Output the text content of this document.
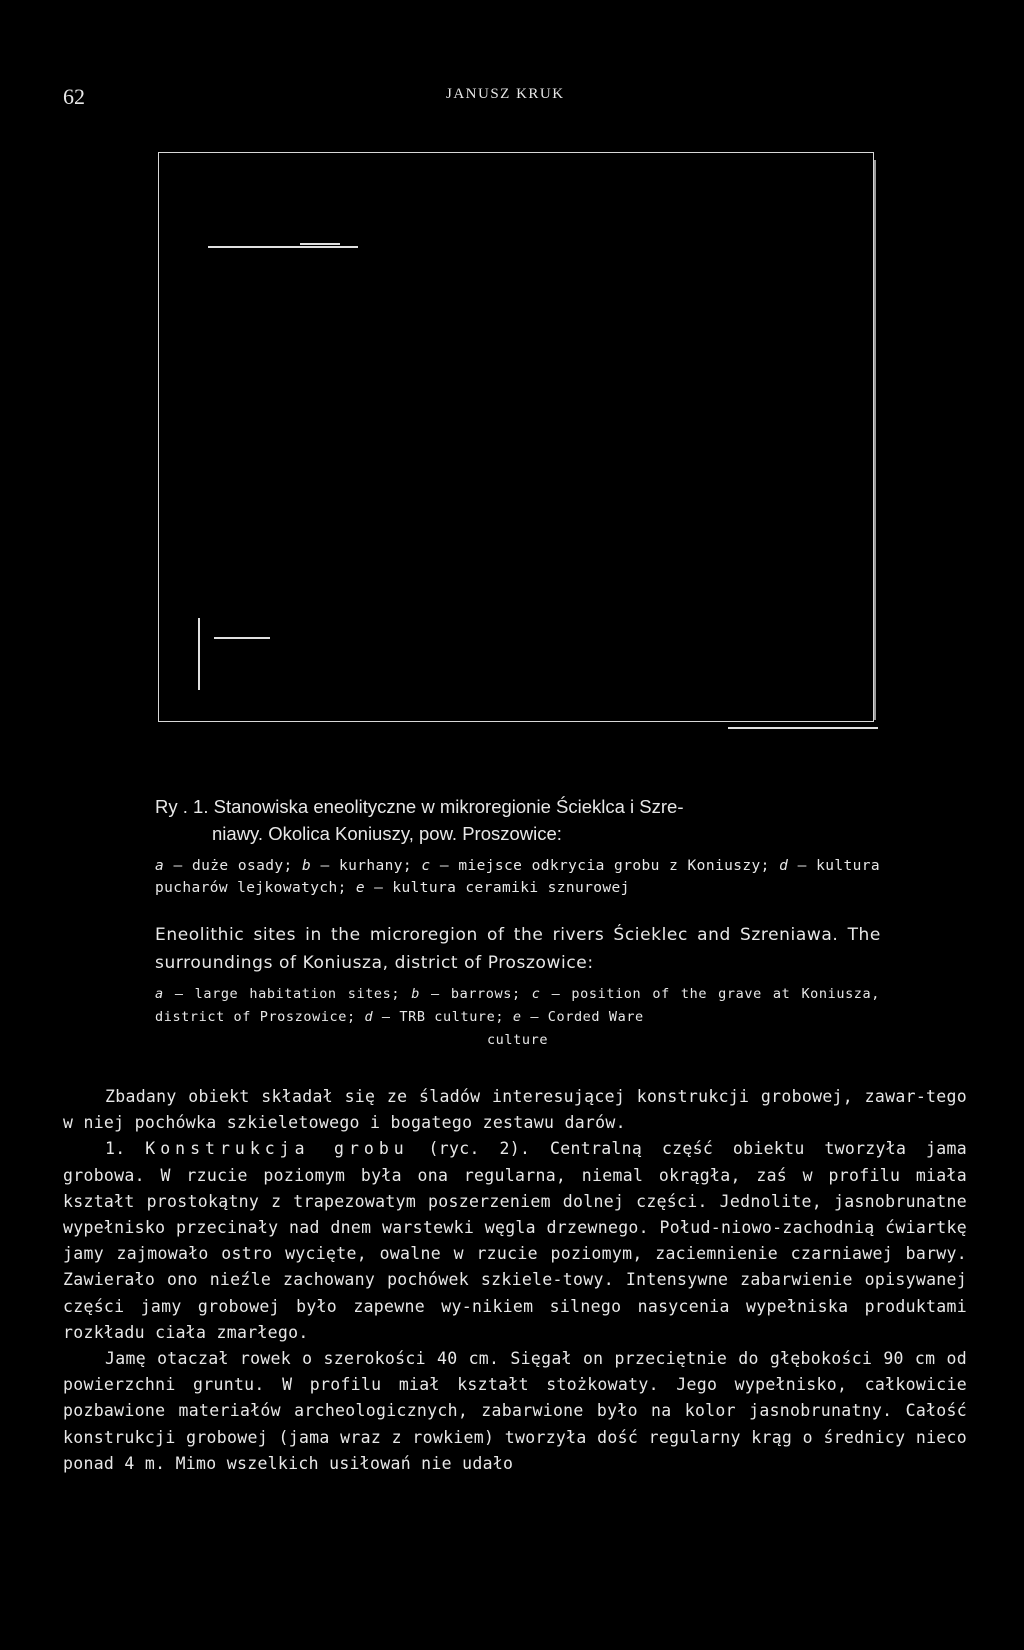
62	JANUSZ KRUK
Ry . 1. Stanowiska eneolityczne w mikroregionie Ścieklca i Szre-
niawy. Okolica Koniuszy, pow. Proszowice:
a — duże osady; b — kurhany; c — miejsce odkrycia grobu z Koniuszy; d — kultura pucharów lejkowatych; e — kultura ceramiki sznurowej
Eneolithic sites in the microregion of the rivers Ścieklec and Szreniawa. The surroundings of Koniusza, district of Proszowice:
a — large habitation sites; b — barrows; c — position of the grave at Koniusza, district of Proszowice; d — TRB culture; e — Corded Ware
culture

Zbadany obiekt składał się ze śladów interesującej konstrukcji grobowej, zawar-tego w niej pochówka szkieletowego i bogatego zestawu darów.

1. Konstrukcja grobu (ryc. 2). Centralną część obiektu tworzyła jama grobowa. W rzucie poziomym była ona regularna, niemal okrągła, zaś w profilu miała kształt prostokątny z trapezowatym poszerzeniem dolnej części. Jednolite, jasnobrunatne wypełnisko przecinały nad dnem warstewki węgla drzewnego. Połud-niowo-zachodnią ćwiartkę jamy zajmowało ostro wycięte, owalne w rzucie poziomym, zaciemnienie czarniawej barwy. Zawierało ono nieźle zachowany pochówek szkiele-towy. Intensywne zabarwienie opisywanej części jamy grobowej było zapewne wy-nikiem silnego nasycenia wypełniska produktami rozkładu ciała zmarłego.

Jamę otaczał rowek o szerokości 40 cm. Sięgał on przeciętnie do głębokości 90 cm od powierzchni gruntu. W profilu miał kształt stożkowaty. Jego wypełnisko, całkowicie pozbawione materiałów archeologicznych, zabarwione było na kolor jasnobrunatny. Całość konstrukcji grobowej (jama wraz z rowkiem) tworzyła dość regularny krąg o średnicy nieco ponad 4 m. Mimo wszelkich usiłowań nie udało
